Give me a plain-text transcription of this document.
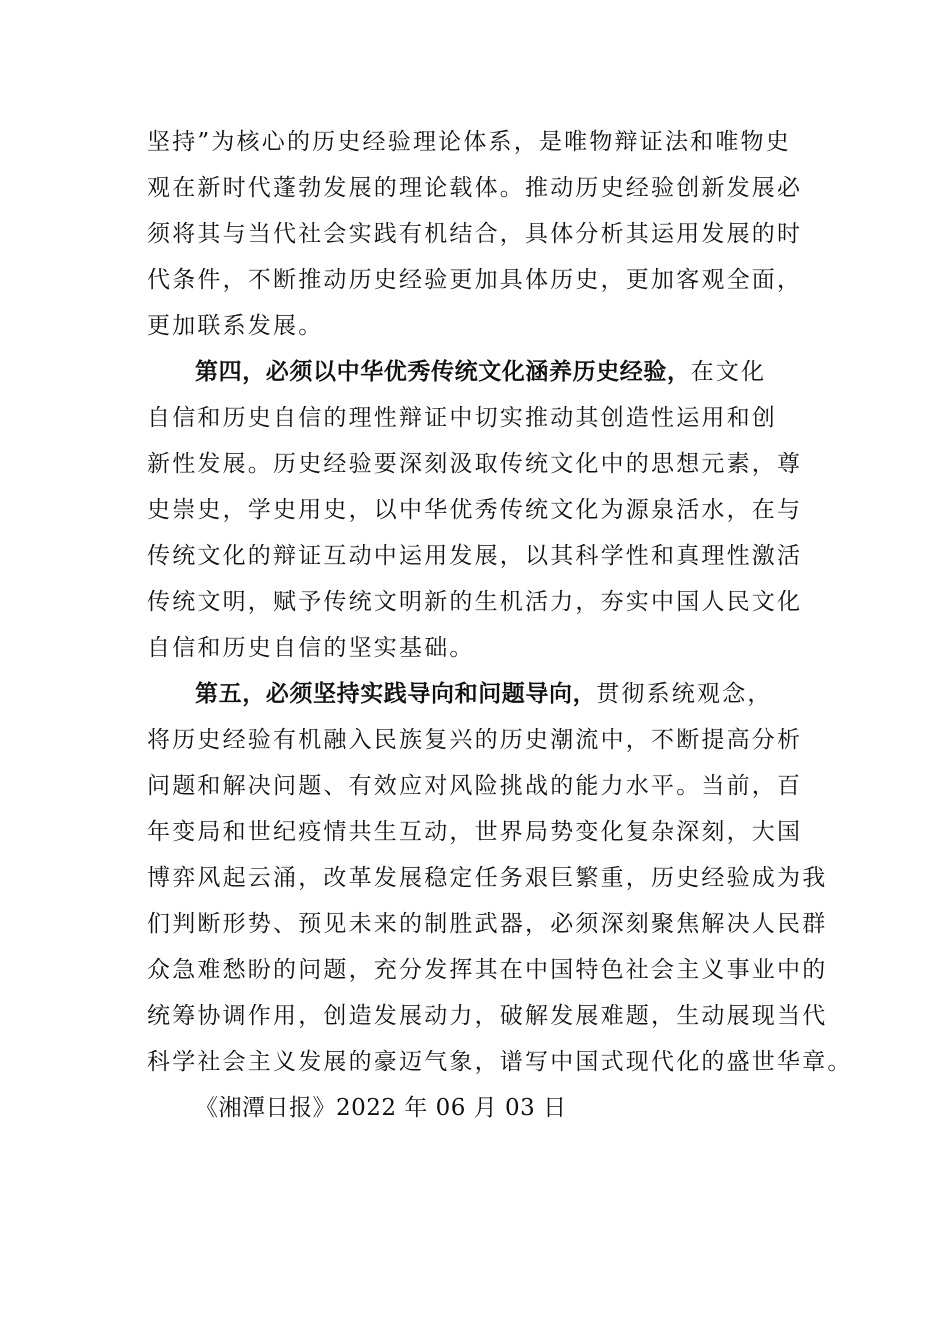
坚持”为核心的历史经验理论体系，是唯物辩证法和唯物史
观在新时代蓬勃发展的理论载体。推动历史经验创新发展必
须将其与当代社会实践有机结合，具体分析其运用发展的时
代条件，不断推动历史经验更加具体历史，更加客观全面，
更加联系发展。
第四，必须以中华优秀传统文化涵养历史经验，在文化
自信和历史自信的理性辩证中切实推动其创造性运用和创
新性发展。历史经验要深刻汲取传统文化中的思想元素，尊
史崇史，学史用史，以中华优秀传统文化为源泉活水，在与
传统文化的辩证互动中运用发展，以其科学性和真理性激活
传统文明，赋予传统文明新的生机活力，夯实中国人民文化
自信和历史自信的坚实基础。
第五，必须坚持实践导向和问题导向，贯彻系统观念，
将历史经验有机融入民族复兴的历史潮流中，不断提高分析
问题和解决问题、有效应对风险挑战的能力水平。当前，百
年变局和世纪疫情共生互动，世界局势变化复杂深刻，大国
博弈风起云涌，改革发展稳定任务艰巨繁重，历史经验成为我
们判断形势、预见未来的制胜武器，必须深刻聚焦解决人民群
众急难愁盼的问题，充分发挥其在中国特色社会主义事业中的
统筹协调作用，创造发展动力，破解发展难题，生动展现当代
科学社会主义发展的豪迈气象，谱写中国式现代化的盛世华章。
《湘潭日报》2022 年 06 月 03 日
